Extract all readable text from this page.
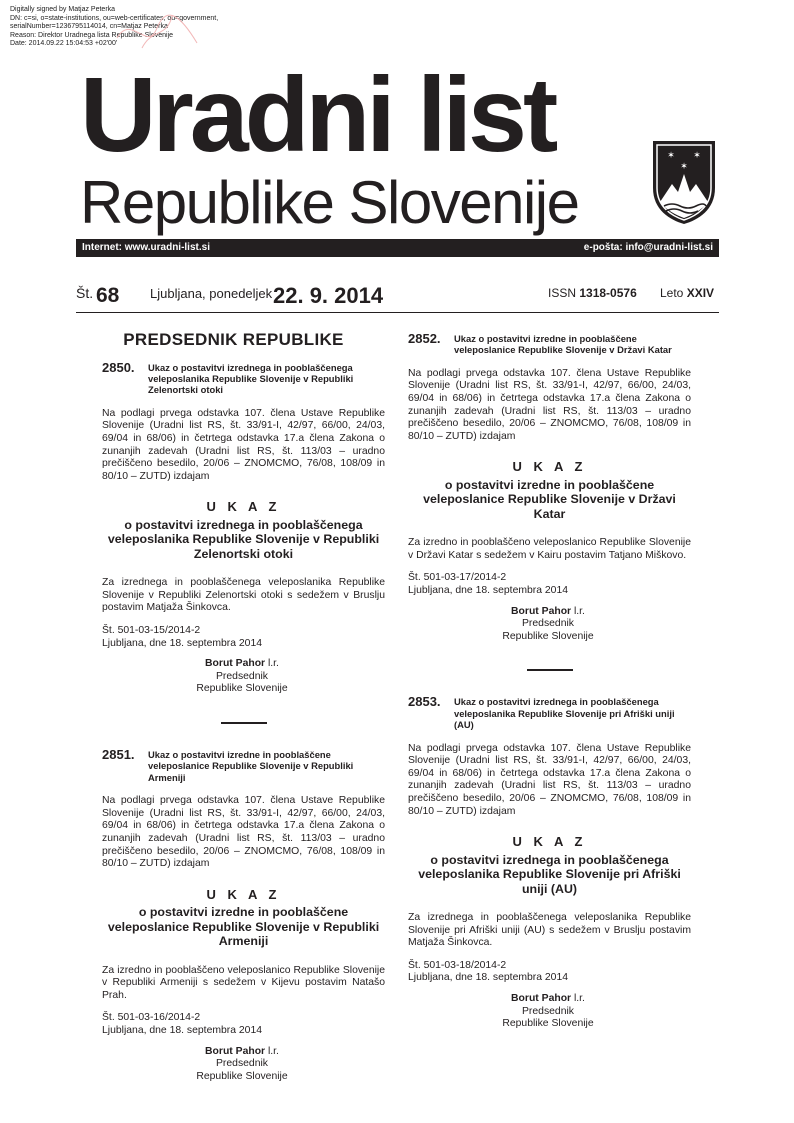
Digitally signed by Matjaz Peterka
DN: c=si, o=state-institutions, ou=web-certificates, ou=government,
serialNumber=1236795114014, cn=Matjaz Peterka
Reason: Direktor Uradnega lista Republike Slovenije
Date: 2014.09.22 15:04:53 +02'00'
Uradni list
Republike Slovenije
✶ ✶
✶
Internet: www.uradni-list.si	e-pošta: info@uradni-list.si
Št. 68 Ljubljana, ponedeljek 22. 9. 2014	ISSN 1318-0576 Leto XXIV
PREDSEDNIK REPUBLIKE
2850.	Ukaz o postavitvi izrednega in pooblaščenega veleposlanika Republike Slovenije v Republiki Zelenortski otoki

Na podlagi prvega odstavka 107. člena Ustave Republike Slovenije (Uradni list RS, št. 33/91-I, 42/97, 66/00, 24/03, 69/04 in 68/06) in četrtega odstavka 17.a člena Zakona o zunanjih zadevah (Uradni list RS, št. 113/03 – uradno prečiščeno besedilo, 20/06 – ZNOMCMO, 76/08, 108/09 in 80/10 – ZUTD) izdajam

U K A Z
o postavitvi izrednega in pooblaščenega veleposlanika Republike Slovenije v Republiki Zelenortski otoki

Za izrednega in pooblaščenega veleposlanika Republike Slovenije v Republiki Zelenortski otoki s sedežem v Bruslju postavim Matjaža Šinkovca.

Št. 501-03-15/2014-2
Ljubljana, dne 18. septembra 2014
Borut Pahor l.r.
Predsednik
Republike Slovenije
2851.	Ukaz o postavitvi izredne in pooblaščene veleposlanice Republike Slovenije v Republiki Armeniji

Na podlagi prvega odstavka 107. člena Ustave Republike Slovenije (Uradni list RS, št. 33/91-I, 42/97, 66/00, 24/03, 69/04 in 68/06) in četrtega odstavka 17.a člena Zakona o zunanjih zadevah (Uradni list RS, št. 113/03 – uradno prečiščeno besedilo, 20/06 – ZNOMCMO, 76/08, 108/09 in 80/10 – ZUTD) izdajam

U K A Z
o postavitvi izredne in pooblaščene veleposlanice Republike Slovenije v Republiki Armeniji

Za izredno in pooblaščeno veleposlanico Republike Slovenije v Republiki Armeniji s sedežem v Kijevu postavim Natašo Prah.

Št. 501-03-16/2014-2
Ljubljana, dne 18. septembra 2014
Borut Pahor l.r.
Predsednik
Republike Slovenije
2852.	Ukaz o postavitvi izredne in pooblaščene veleposlanice Republike Slovenije v Državi Katar

Na podlagi prvega odstavka 107. člena Ustave Republike Slovenije (Uradni list RS, št. 33/91-I, 42/97, 66/00, 24/03, 69/04 in 68/06) in četrtega odstavka 17.a člena Zakona o zunanjih zadevah (Uradni list RS, št. 113/03 – uradno prečiščeno besedilo, 20/06 – ZNOMCMO, 76/08, 108/09 in 80/10 – ZUTD) izdajam

U K A Z
o postavitvi izredne in pooblaščene veleposlanice Republike Slovenije v Državi Katar

Za izredno in pooblaščeno veleposlanico Republike Slovenije v Državi Katar s sedežem v Kairu postavim Tatjano Miškovo.

Št. 501-03-17/2014-2
Ljubljana, dne 18. septembra 2014
Borut Pahor l.r.
Predsednik
Republike Slovenije
2853.	Ukaz o postavitvi izrednega in pooblaščenega veleposlanika Republike Slovenije pri Afriški uniji (AU)

Na podlagi prvega odstavka 107. člena Ustave Republike Slovenije (Uradni list RS, št. 33/91-I, 42/97, 66/00, 24/03, 69/04 in 68/06) in četrtega odstavka 17.a člena Zakona o zunanjih zadevah (Uradni list RS, št. 113/03 – uradno prečiščeno besedilo, 20/06 – ZNOMCMO, 76/08, 108/09 in 80/10 – ZUTD) izdajam

U K A Z
o postavitvi izrednega in pooblaščenega veleposlanika Republike Slovenije pri Afriški uniji (AU)

Za izrednega in pooblaščenega veleposlanika Republike Slovenije pri Afriški uniji (AU) s sedežem v Bruslju postavim Matjaža Šinkovca.

Št. 501-03-18/2014-2
Ljubljana, dne 18. septembra 2014
Borut Pahor l.r.
Predsednik
Republike Slovenije
